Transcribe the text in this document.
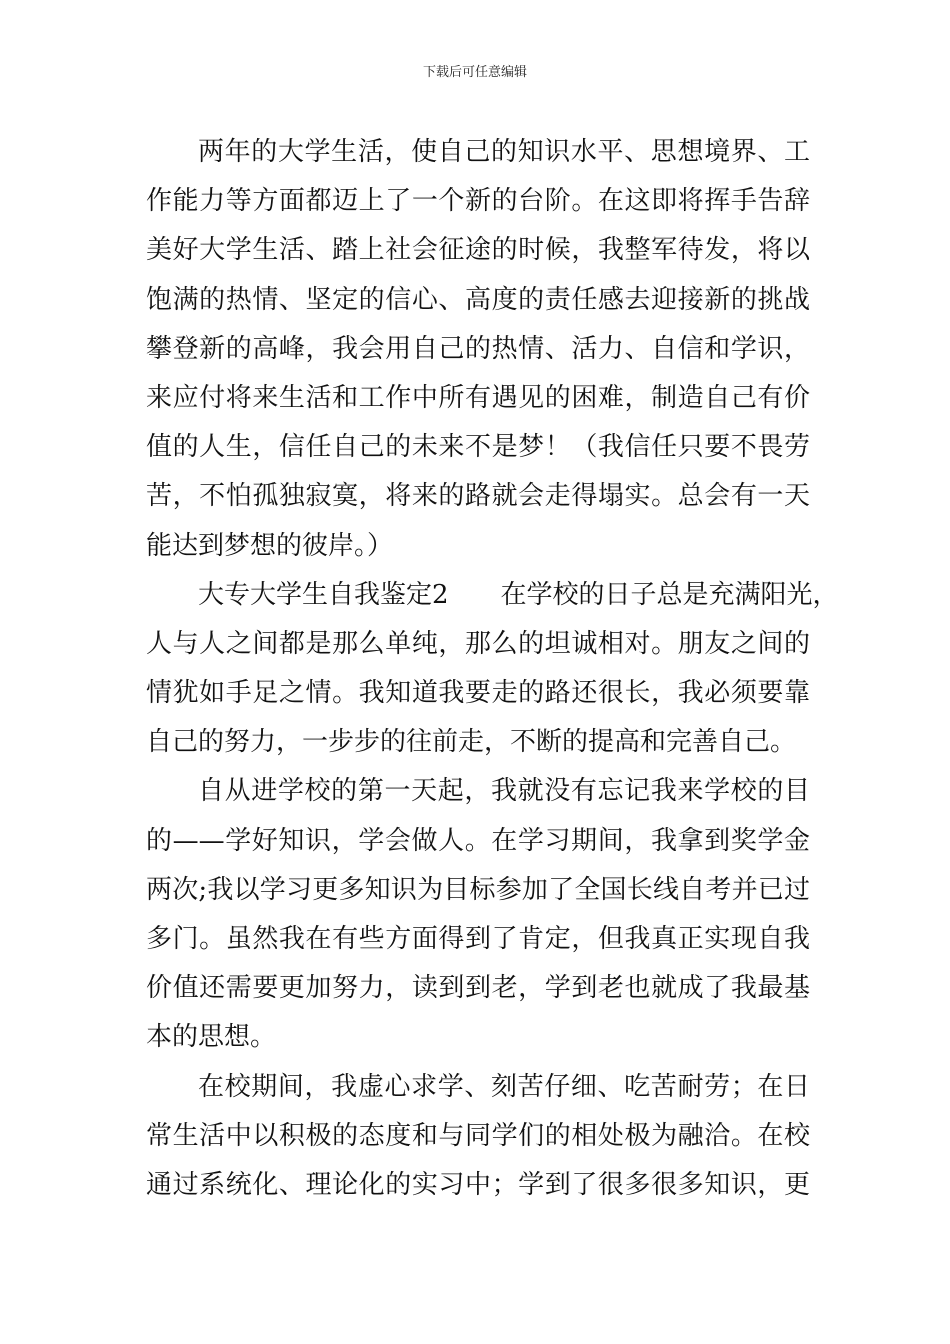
下载后可任意编辑
两年的大学生活，使自己的知识水平、思想境界、工
作能力等方面都迈上了一个新的台阶。在这即将挥手告辞
美好大学生活、踏上社会征途的时候，我整军待发，将以
饱满的热情、坚定的信心、高度的责任感去迎接新的挑战
攀登新的高峰，我会用自己的热情、活力、自信和学识，
来应付将来生活和工作中所有遇见的困难，制造自己有价
值的人生，信任自己的未来不是梦！（我信任只要不畏劳
苦，不怕孤独寂寞，将来的路就会走得塌实。总会有一天
能达到梦想的彼岸。）
大专大学生自我鉴定2　　在学校的日子总是充满阳光，
人与人之间都是那么单纯，那么的坦诚相对。朋友之间的
情犹如手足之情。我知道我要走的路还很长，我必须要靠
自己的努力，一步步的往前走，不断的提高和完善自己。
自从进学校的第一天起，我就没有忘记我来学校的目
的——学好知识，学会做人。在学习期间，我拿到奖学金
两次;我以学习更多知识为目标参加了全国长线自考并已过
多门。虽然我在有些方面得到了肯定，但我真正实现自我
价值还需要更加努力，读到到老，学到老也就成了我最基
本的思想。
在校期间，我虚心求学、刻苦仔细、吃苦耐劳；在日
常生活中以积极的态度和与同学们的相处极为融洽。在校
通过系统化、理论化的实习中；学到了很多很多知识，更
